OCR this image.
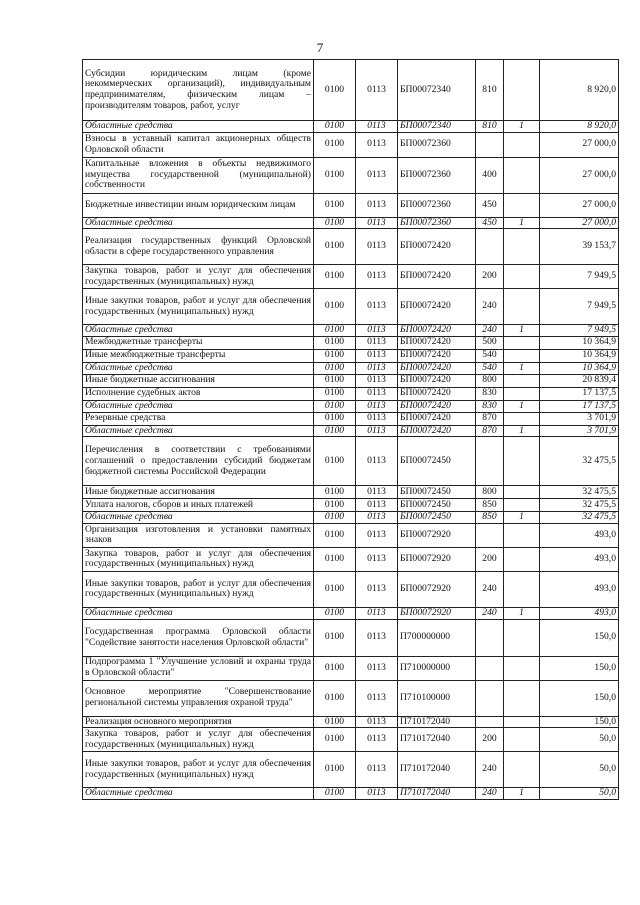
7
Субсидии юридическим лицам (кроме некоммерческих организаций), индивидуальным предпринимателям, физическим лицам – производителям товаров, работ, услуг	0100	0113	БП00072340	810		8 920,0
Областные средства	0100	0113	БП00072340	810	1	8 920,0
Взносы в уставный капитал акционерных обществ Орловской области	0100	0113	БП00072360			27 000,0
Капитальные вложения в объекты недвижимого имущества государственной (муниципальной) собственности	0100	0113	БП00072360	400		27 000,0
Бюджетные инвестиции иным юридическим лицам	0100	0113	БП00072360	450		27 000,0
Областные средства	0100	0113	БП00072360	450	1	27 000,0
Реализация государственных функций Орловской области в сфере государственного управления	0100	0113	БП00072420			39 153,7
Закупка товаров, работ и услуг для обеспечения государственных (муниципальных) нужд	0100	0113	БП00072420	200		7 949,5
Иные закупки товаров, работ и услуг для обеспечения государственных (муниципальных) нужд	0100	0113	БП00072420	240		7 949,5
Областные средства	0100	0113	БП00072420	240	1	7 949,5
Межбюджетные трансферты	0100	0113	БП00072420	500		10 364,9
Иные межбюджетные трансферты	0100	0113	БП00072420	540		10 364,9
Областные средства	0100	0113	БП00072420	540	1	10 364,9
Иные бюджетные ассигнования	0100	0113	БП00072420	800		20 839,4
Исполнение судебных актов	0100	0113	БП00072420	830		17 137,5
Областные средства	0100	0113	БП00072420	830	1	17 137,5
Резервные средства	0100	0113	БП00072420	870		3 701,9
Областные средства	0100	0113	БП00072420	870	1	3 701,9
Перечисления в соответствии с требованиями соглашений о предоставлении субсидий бюджетам бюджетной системы Российской Федерации	0100	0113	БП00072450			32 475,5
Иные бюджетные ассигнования	0100	0113	БП00072450	800		32 475,5
Уплата налогов, сборов и иных платежей	0100	0113	БП00072450	850		32 475,5
Областные средства	0100	0113	БП00072450	850	1	32 475,5
Организация изготовления и установки памятных знаков	0100	0113	БП00072920			493,0
Закупка товаров, работ и услуг для обеспечения государственных (муниципальных) нужд	0100	0113	БП00072920	200		493,0
Иные закупки товаров, работ и услуг для обеспечения государственных (муниципальных) нужд	0100	0113	БП00072920	240		493,0
Областные средства	0100	0113	БП00072920	240	1	493,0
Государственная программа Орловской области "Содействие занятости населения Орловской области"	0100	0113	П700000000			150,0
Подпрограмма 1 "Улучшение условий и охраны труда в Орловской области"	0100	0113	П710000000			150,0
Основное мероприятие "Совершенствование региональной системы управления охраной труда"	0100	0113	П710100000			150,0
Реализация основного мероприятия	0100	0113	П710172040			150,0
Закупка товаров, работ и услуг для обеспечения государственных (муниципальных) нужд	0100	0113	П710172040	200		50,0
Иные закупки товаров, работ и услуг для обеспечения государственных (муниципальных) нужд	0100	0113	П710172040	240		50,0
Областные средства	0100	0113	П710172040	240	1	50,0
